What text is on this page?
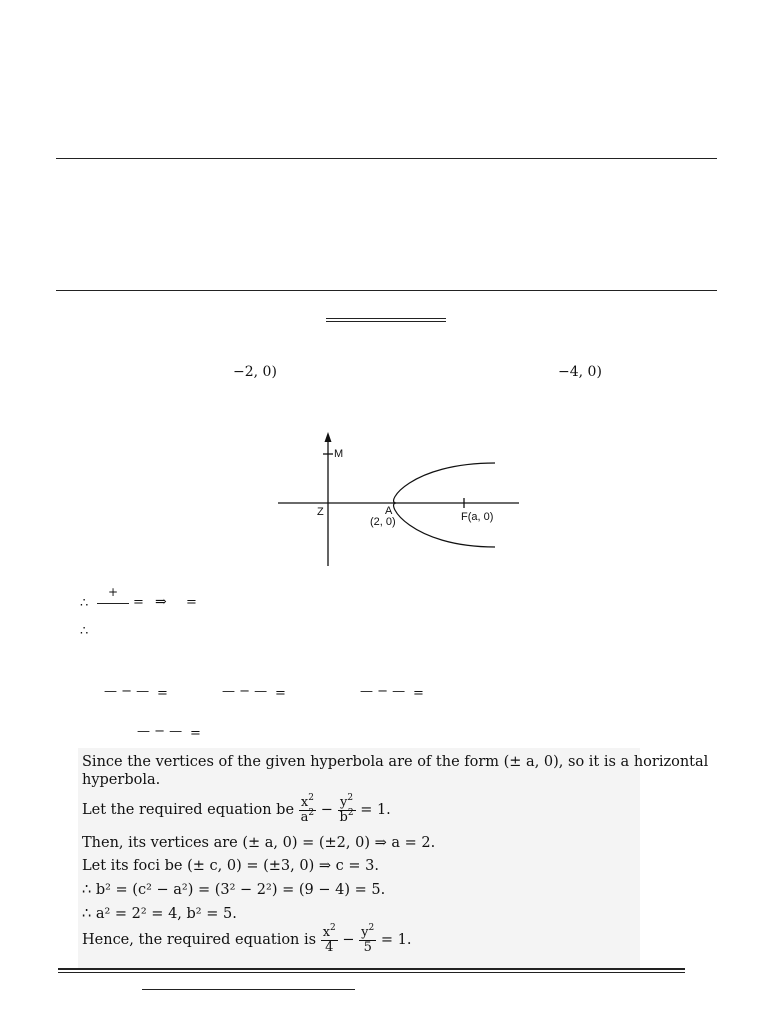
−2, 0)	−4, 0)
M
Z	A
(2, 0)	F(a, 0)
∴
+
= ⇒ =
∴
— − — =	— − — =	— − — =
— − — =
Since the vertices of the given hyperbola are of the form (± a, 0), so it is a horizontal
hyperbola.
Let the required equation be $\frac{x^2}{a^2} - \frac{y^2}{b^2} = 1$.
Then, its vertices are (± a, 0) = (±2, 0) ⇒ a = 2.
Let its foci be (± c, 0) = (±3, 0) ⇒ c = 3.
∴ b² = (c² − a²) = (3² − 2²) = (9 − 4) = 5.
∴ a² = 2² = 4, b² = 5.
Hence, the required equation is $\frac{x^2}{4} - \frac{y^2}{5} = 1$.
